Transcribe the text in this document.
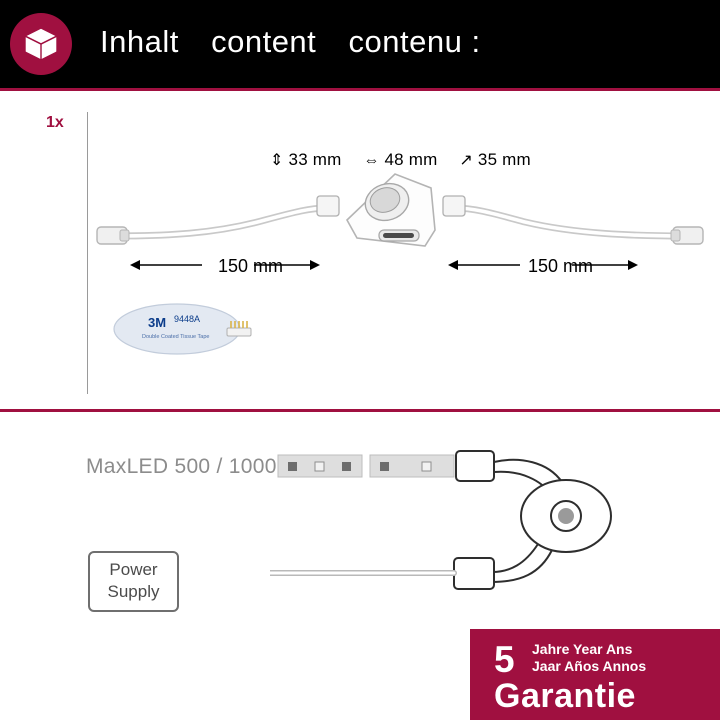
Inhalt content contenu :
1x
⇕ 33 mm ⇔ 48 mm ↗ 35 mm
150 mm	150 mm
3M 9448A
Double Coated Tissue Tape
MaxLED 500 / 1000
Power
Supply
5 Jahre Year Ans
Jaar Años Annos
Garantie
